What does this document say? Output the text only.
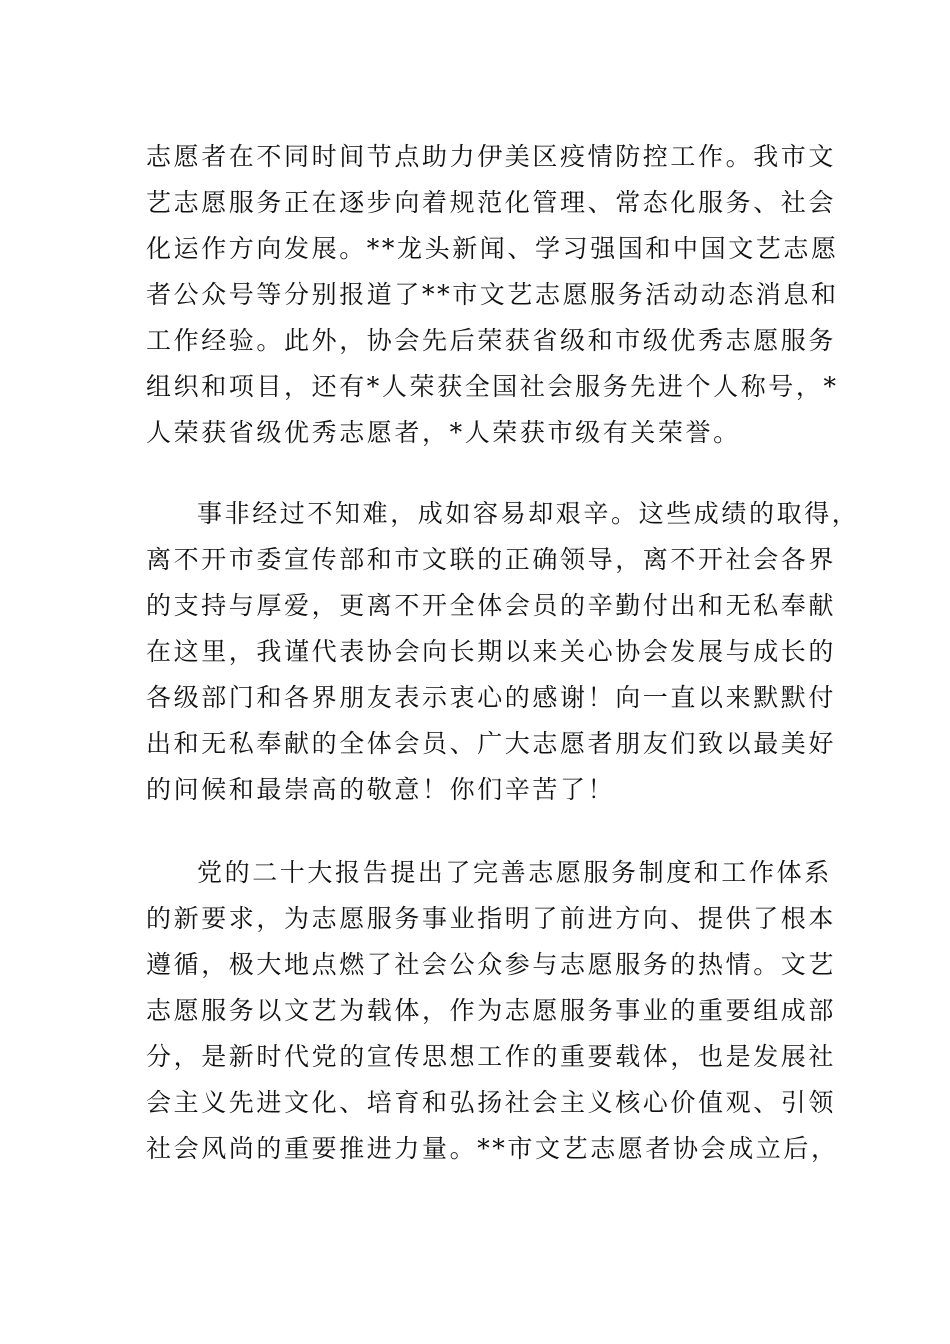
志愿者在不同时间节点助力伊美区疫情防控工作。我市文
艺志愿服务正在逐步向着规范化管理、常态化服务、社会
化运作方向发展。**龙头新闻、学习强国和中国文艺志愿
者公众号等分别报道了**市文艺志愿服务活动动态消息和
工作经验。此外，协会先后荣获省级和市级优秀志愿服务
组织和项目，还有*人荣获全国社会服务先进个人称号，*
人荣获省级优秀志愿者，*人荣获市级有关荣誉。
事非经过不知难，成如容易却艰辛。这些成绩的取得，
离不开市委宣传部和市文联的正确领导，离不开社会各界
的支持与厚爱，更离不开全体会员的辛勤付出和无私奉献
在这里，我谨代表协会向长期以来关心协会发展与成长的
各级部门和各界朋友表示衷心的感谢！向一直以来默默付
出和无私奉献的全体会员、广大志愿者朋友们致以最美好
的问候和最崇高的敬意！你们辛苦了！
党的二十大报告提出了完善志愿服务制度和工作体系
的新要求，为志愿服务事业指明了前进方向、提供了根本
遵循，极大地点燃了社会公众参与志愿服务的热情。文艺
志愿服务以文艺为载体，作为志愿服务事业的重要组成部
分，是新时代党的宣传思想工作的重要载体，也是发展社
会主义先进文化、培育和弘扬社会主义核心价值观、引领
社会风尚的重要推进力量。**市文艺志愿者协会成立后，
